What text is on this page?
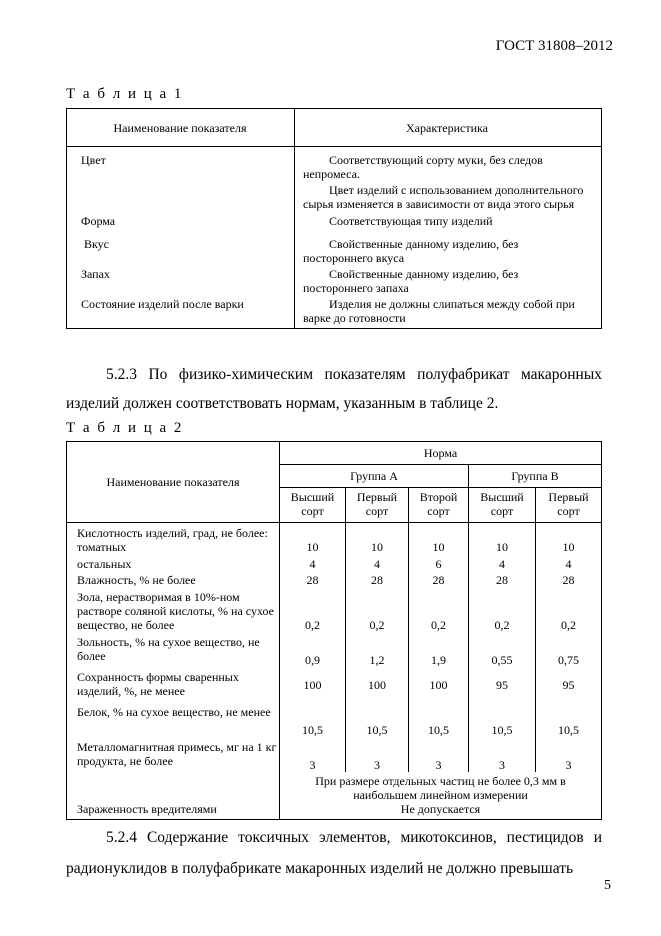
ГОСТ 31808–2012
Т а б л и ц а 1
Наименование показателя	Характеристика
Цвет	Соответствующий сорту муки, без следов непромеса.
Цвет изделий с использованием дополнительного сырья изменяется в зависимости от вида этого сырья

Форма	Соответствующая типу изделий

Вкус	Свойственные данному изделию, без постороннего вкуса

Запах	Свойственные данному изделию, без постороннего запаха

Состояние изделий после варки	Изделия не должны слипаться между собой при варке до готовности
5.2.3 По физико-химическим показателям полуфабрикат макаронных изделий должен соответствовать нормам, указанным в таблице 2.
Т а б л и ц а 2
Наименование показателя	Норма				
	Группа А			Группа В	
	Высший сорт	Первый сорт	Второй сорт	Высший сорт	Первый сорт
Кислотность изделий, град, не более:					
томатных	10	10	10	10	10
остальных	4	4	6	4	4
Влажность, % не более	28	28	28	28	28
Зола, нерастворимая в 10%-ном растворе соляной кислоты, % на сухое вещество, не более	0,2	0,2	0,2	0,2	0,2
Зольность, % на сухое вещество, не более	0,9	1,2	1,9	0,55	0,75
Сохранность формы сваренных изделий, %, не менее	100	100	100	95	95
Белок, % на сухое вещество, не менее	10,5	10,5	10,5	10,5	10,5
Металломагнитная примесь, мг на 1 кг продукта, не более	3	3	3	3	3
	При размере отдельных частиц не более 0,3 мм в наибольшем линейном измерении				
Зараженность вредителями	Не допускается				
5.2.4 Содержание токсичных элементов, микотоксинов, пестицидов и радионуклидов в полуфабрикате макаронных изделий не должно превышать
5
